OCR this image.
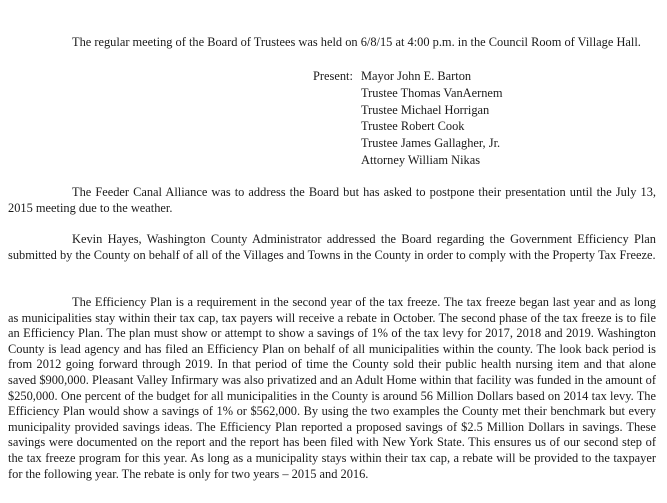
The regular meeting of the Board of Trustees was held on 6/8/15 at 4:00 p.m. in the Council Room of Village Hall.
Present: Mayor John E. Barton
Trustee Thomas VanAernem
Trustee Michael Horrigan
Trustee Robert Cook
Trustee James Gallagher, Jr.
Attorney William Nikas
The Feeder Canal Alliance was to address the Board but has asked to postpone their presentation until the July 13, 2015 meeting due to the weather.
Kevin Hayes, Washington County Administrator addressed the Board regarding the Government Efficiency Plan submitted by the County on behalf of all of the Villages and Towns in the County in order to comply with the Property Tax Freeze.
The Efficiency Plan is a requirement in the second year of the tax freeze. The tax freeze began last year and as long as municipalities stay within their tax cap, tax payers will receive a rebate in October. The second phase of the tax freeze is to file an Efficiency Plan. The plan must show or attempt to show a savings of 1% of the tax levy for 2017, 2018 and 2019. Washington County is lead agency and has filed an Efficiency Plan on behalf of all municipalities within the county. The look back period is from 2012 going forward through 2019. In that period of time the County sold their public health nursing item and that alone saved $900,000. Pleasant Valley Infirmary was also privatized and an Adult Home within that facility was funded in the amount of $250,000. One percent of the budget for all municipalities in the County is around 56 Million Dollars based on 2014 tax levy. The Efficiency Plan would show a savings of 1% or $562,000. By using the two examples the County met their benchmark but every municipality provided savings ideas. The Efficiency Plan reported a proposed savings of $2.5 Million Dollars in savings. These savings were documented on the report and the report has been filed with New York State. This ensures us of our second step of the tax freeze program for this year. As long as a municipality stays within their tax cap, a rebate will be provided to the taxpayer for the following year. The rebate is only for two years – 2015 and 2016.
